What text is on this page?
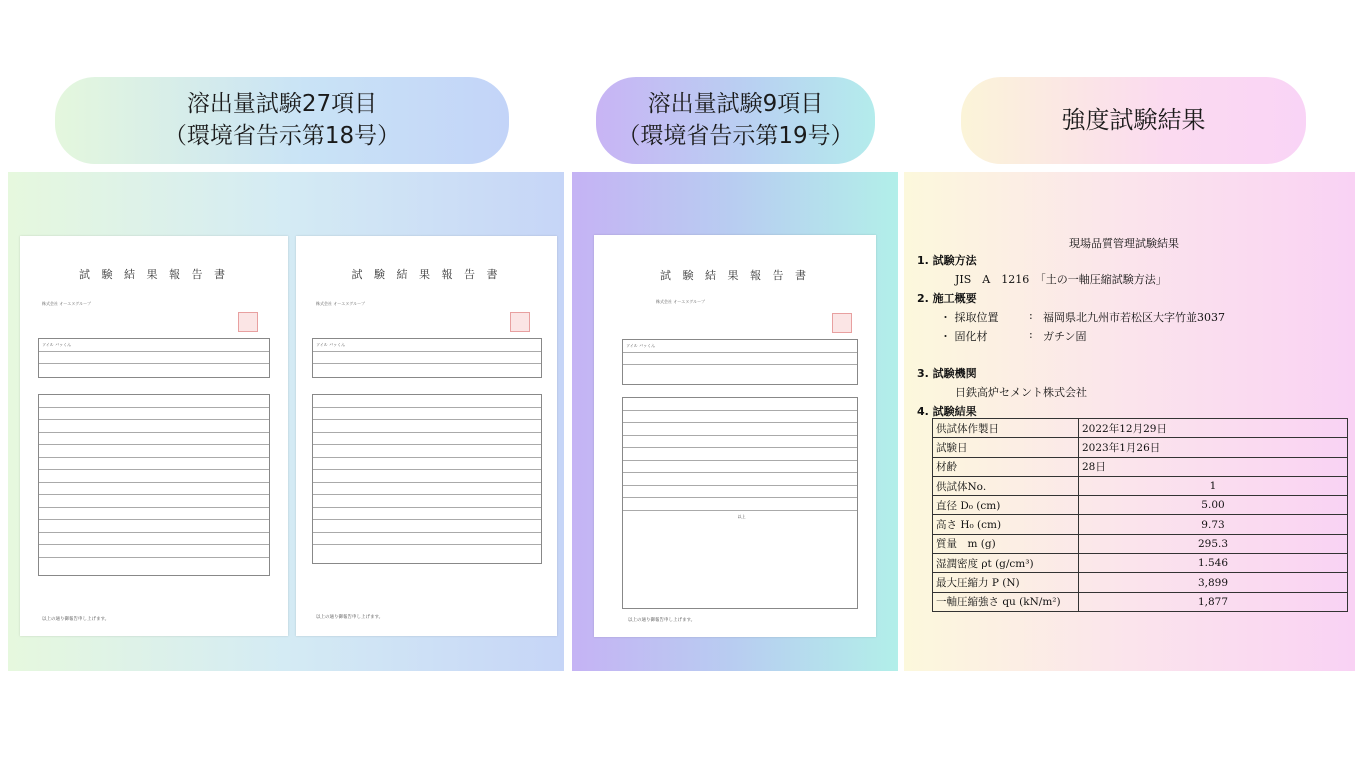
溶出量試験27項目
（環境省告示第18号）
溶出量試験9項目
（環境省告示第19号）
強度試験結果
試 験 結 果 報 告 書
株式会社 オーエヌグループ
ソイル バッくん
以上の通り御報告申し上げます。
試 験 結 果 報 告 書
株式会社 オーエヌグループ
ソイル バッくん
以上の通り御報告申し上げます。
試 験 結 果 報 告 書
株式会社 オーエヌグループ
ソイル バッくん
以上
以上の通り御報告申し上げます。
現場品質管理試験結果
1. 試験方法
JIS　A　1216　「土の一軸圧縮試験方法」
2. 施工概要
・ 採取位置	: 福岡県北九州市若松区大字竹並3037
・ 固化材	: ガチン固
3. 試験機関
日鉄高炉セメント株式会社
4. 試験結果
供試体作製日	2022年12月29日
試験日	2023年1月26日
材齢	28日
供試体No.	1
直径 D₀ (cm)	5.00
高さ H₀ (cm)	9.73
質量　m (g)	295.3
湿潤密度 ρt (g/cm³)	1.546
最大圧縮力 P (N)	3,899
一軸圧縮強さ qu (kN/m²)	1,877
